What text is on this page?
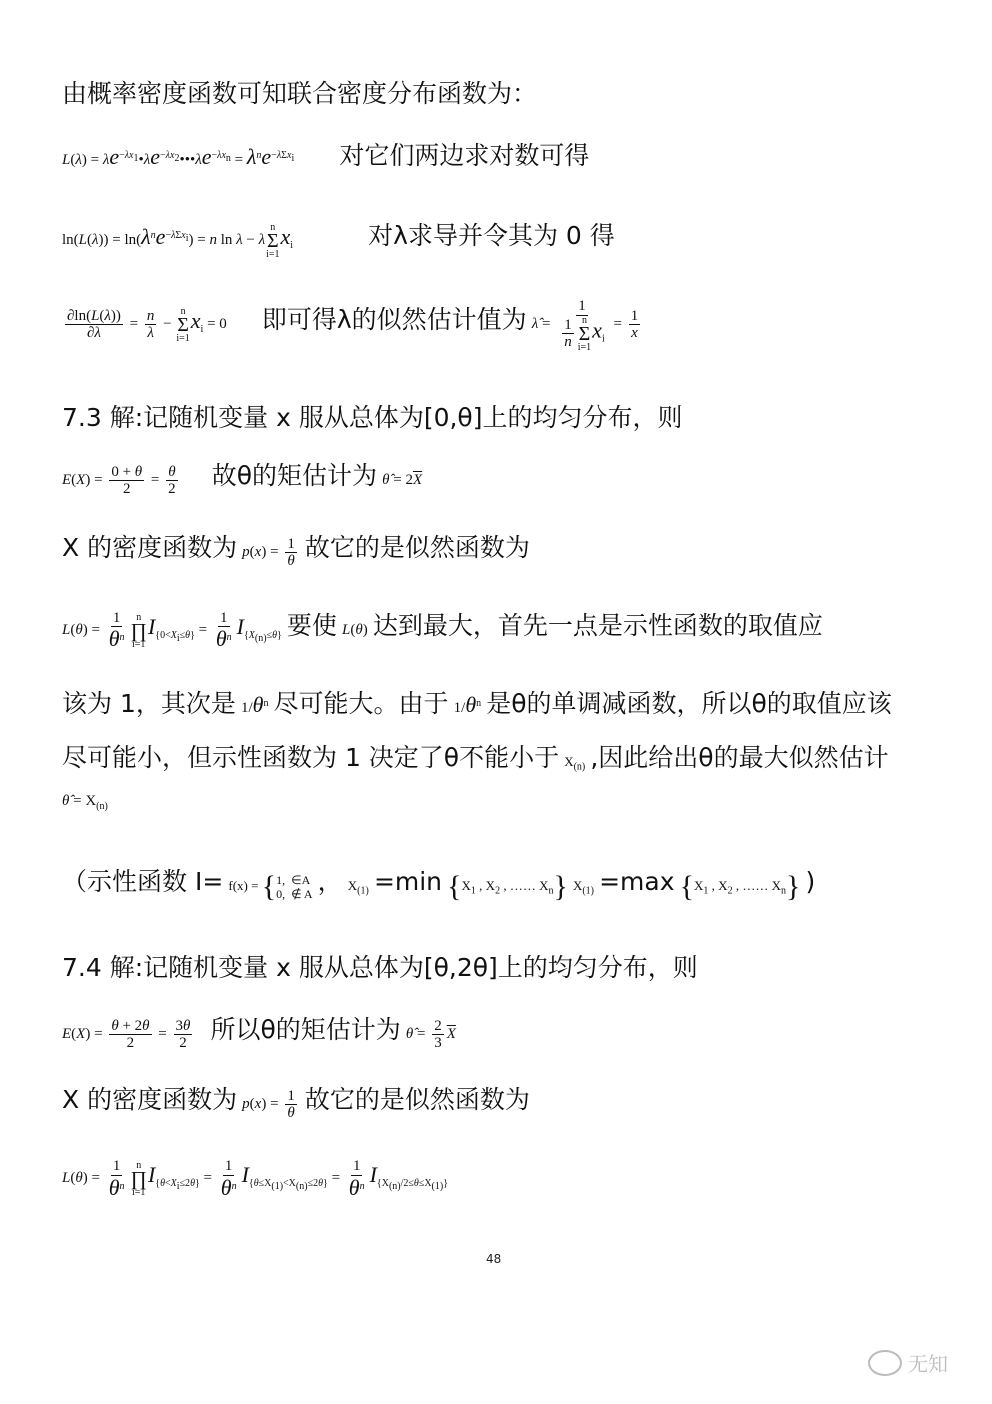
由概率密度函数可知联合密度分布函数为：
$L(\lambda) = \lambda e^{-\lambda x_1}•\lambda e^{-\lambda x_2}•••\lambda e^{-\lambda x_n} = \lambda^ne^{-\lambda\Sigma x_i}$ 对它们两边求对数可得
$\ln(L(\lambda)) = \ln(\lambda^ne^{-\lambda\Sigma x_i}) = n$ ln λ − λ
n
Σ
i=1
$x_i$	对λ求导并令其为 0 得
$\frac{\partial\ln(L(\lambda))}{\partial\lambda} = \frac{n}{\lambda}$ −
n
Σ
i=1
$x_i = 0$ 即可得λ的似然估计值为 λ̂ = 1
$\frac{1}{n}$ n
Σ
i=1
$x_i = \frac{1}{x}$
7.3 解:记随机变量 x 服从总体为[0,θ]上的均匀分布，则
$E(X) = \frac{0 + \theta}{2} = \frac{\theta}{2}$ 故θ的矩估计为 θ̂ = $2\overline{X}$
X 的密度函数为 $p(x) = \frac{1}{\theta}$ 故它的是似然函数为
$L(\theta) = \frac{1}{\theta^n}$ n
∏
i=1
$I_{\{0<X_i\le\theta\}} = \frac{1}{\theta^n} I_{\{X_{(n)}\le\theta\}}$ 要使 L(θ) 达到最大，首先一点是示性函数的取值应
该为 1，其次是 $1/\theta^n$ 尽可能大。由于 $1/\theta^n$ 是θ的单调减函数，所以θ的取值应该
尽可能小，但示性函数为 1 决定了θ不能小于 $X_{(n)}$ ,因此给出θ的最大似然估计
θ̂ = $X_{(n)}$
（示性函数 I= f(x) = { 1,  ∈A
0,  ∉ A ， $X_{(1)} =\min$ {$X_1$ , $X_2$ , …… $X_n$} $X_{(1)} =\max$ {$X_1$ , $X_2$ , …… $X_n$} )
7.4 解:记随机变量 x 服从总体为[θ,2θ]上的均匀分布，则
$E(X) = \frac{\theta + 2\theta}{2} = \frac{3\theta}{2}$ 所以θ的矩估计为 θ̂ = $\frac{2}{3} \overline{X}$
X 的密度函数为 $p(x) = \frac{1}{\theta}$ 故它的是似然函数为
$L(\theta) = \frac{1}{\theta^n}$ n
∏
i=1
$I_{\{\theta<X_i\le 2\theta\}} = \frac{1}{\theta^n} I_{\{\theta\le X_{(1)}<X_{(n)}\le 2\theta\}} = \frac{1}{\theta^n} I_{\{X_{(n)}/2\le\theta\le X_{(1)}\}}$
48
无知
